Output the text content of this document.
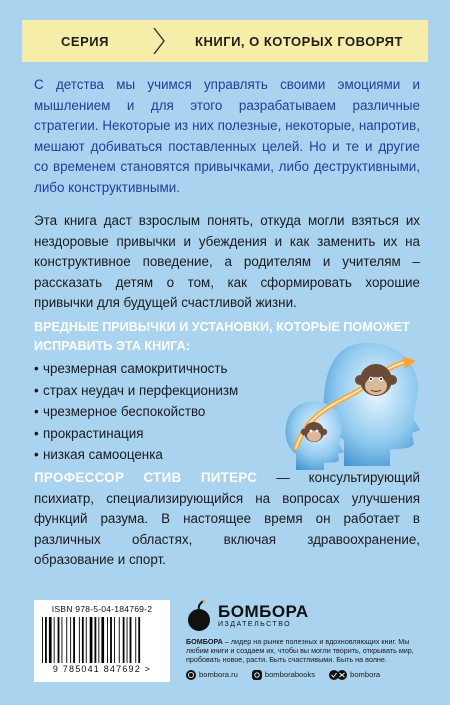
СЕРИЯ	КНИГИ, О КОТОРЫХ ГОВОРЯТ

С детства мы учимся управлять своими эмоциями и мышлением и для этого разрабатываем различные стратегии. Некоторые из них полезные, некоторые, напротив, мешают добиваться поставленных целей. Но и те и другие со временем становятся привычками, либо деструктивными, либо конструктивными.

Эта книга даст взрослым понять, откуда могли взяться их нездоровые привычки и убеждения и как заменить их на конструктивное поведение, а родителям и учителям – рассказать детям о том, как сформировать хорошие привычки для будущей счастливой жизни.

ВРЕДНЫЕ ПРИВЫЧКИ И УСТАНОВКИ, КОТОРЫЕ ПОМОЖЕТ ИСПРАВИТЬ ЭТА КНИГА:
• чрезмерная самокритичность
• страх неудач и перфекционизм
• чрезмерное беспокойство
• прокрастинация
• низкая самооценка

ПРОФЕССОР СТИВ ПИТЕРС — консультирующий психиатр, специализирующийся на вопросах улучшения функций разума. В настоящее время он работает в различных областях, включая здравоохранение, образование и спорт.

ISBN 978-5-04-184769-2
9 785041 847692 >
БОМБОРА
ИЗДАТЕЛЬСТВО

БОМБОРА – лидер на рынке полезных и вдохновляющих книг. Мы любим книги и создаем их, чтобы вы могли творить, открывать мир, пробовать новое, расти. Быть счастливыми. Быть на волне.

bombora.ru	bomborabooks	bombora
